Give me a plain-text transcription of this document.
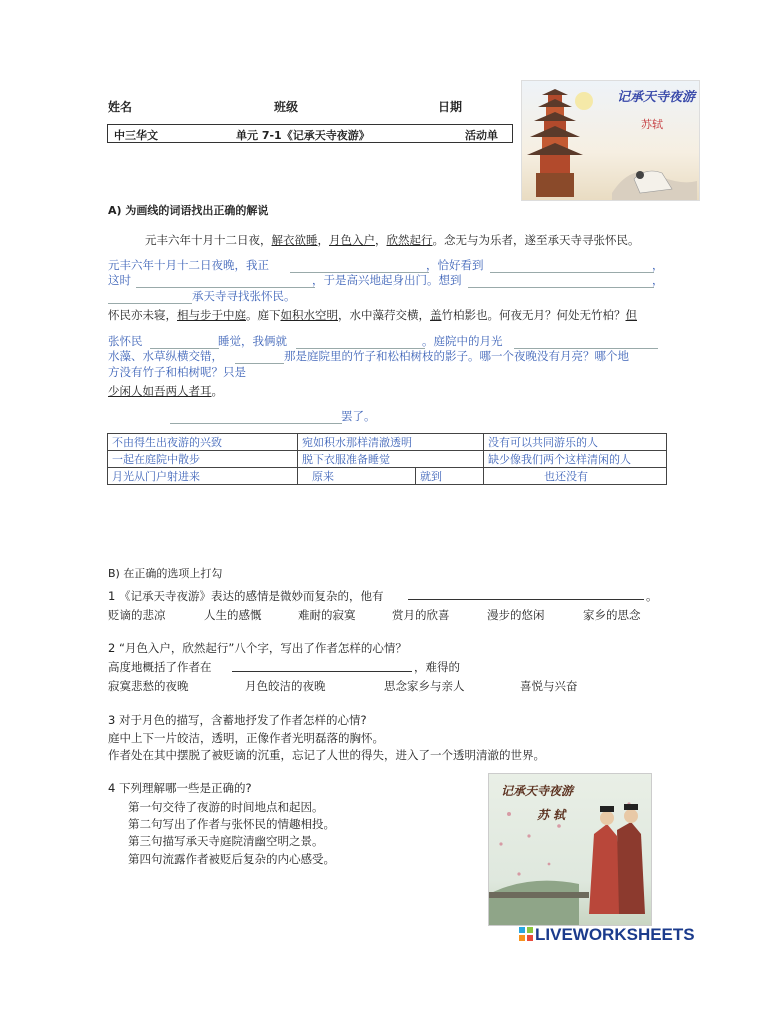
姓名	班级	日期
中三华文	单元 7-1《记承天寺夜游》	活动单
记承天寺夜游
苏轼
A) 为画线的词语找出正确的解说
元丰六年十月十二日夜，解衣欲睡，月色入户，欣然起行。念无与为乐者，遂至承天寺寻张怀民。
元丰六年十月十二日夜晚，我正	，恰好看到	，
这时	，于是高兴地起身出门。想到	，
承天寺寻找张怀民。
怀民亦未寝，相与步于中庭。庭下如积水空明，水中藻荇交横，盖竹柏影也。何夜无月？何处无竹柏？但
张怀民	睡觉，我俩就	。庭院中的月光
水藻、水草纵横交错，	那是庭院里的竹子和松柏树枝的影子。哪一个夜晚没有月亮？哪个地
方没有竹子和柏树呢？只是
少闲人如吾两人者耳。
罢了。
不由得生出夜游的兴致	宛如积水那样清澈透明		没有可以共同游乐的人
一起在庭院中散步	脱下衣服准备睡觉		缺少像我们两个这样清闲的人
月光从门户射进来	原来	就到	也还没有
B) 在正确的选项上打勾
1 《记承天寺夜游》表达的感情是微妙而复杂的，他有	。
贬谪的悲凉	人生的感慨	难耐的寂寞	赏月的欣喜	漫步的悠闲	家乡的思念
2 “月色入户，欣然起行”八个字，写出了作者怎样的心情？
高度地概括了作者在	，难得的
寂寞悲愁的夜晚	月色皎洁的夜晚	思念家乡与亲人	喜悦与兴奋
3 对于月色的描写，含蓄地抒发了作者怎样的心情?
庭中上下一片皎洁，透明，正像作者光明磊落的胸怀。
作者处在其中摆脱了被贬谪的沉重，忘记了人世的得失，进入了一个透明清澈的世界。
4 下列理解哪一些是正确的?
第一句交待了夜游的时间地点和起因。
第二句写出了作者与张怀民的情趣相投。
第三句描写承天寺庭院清幽空明之景。
第四句流露作者被贬后复杂的内心感受。
记承天寺夜游
苏 轼
LIVEWORKSHEETS
